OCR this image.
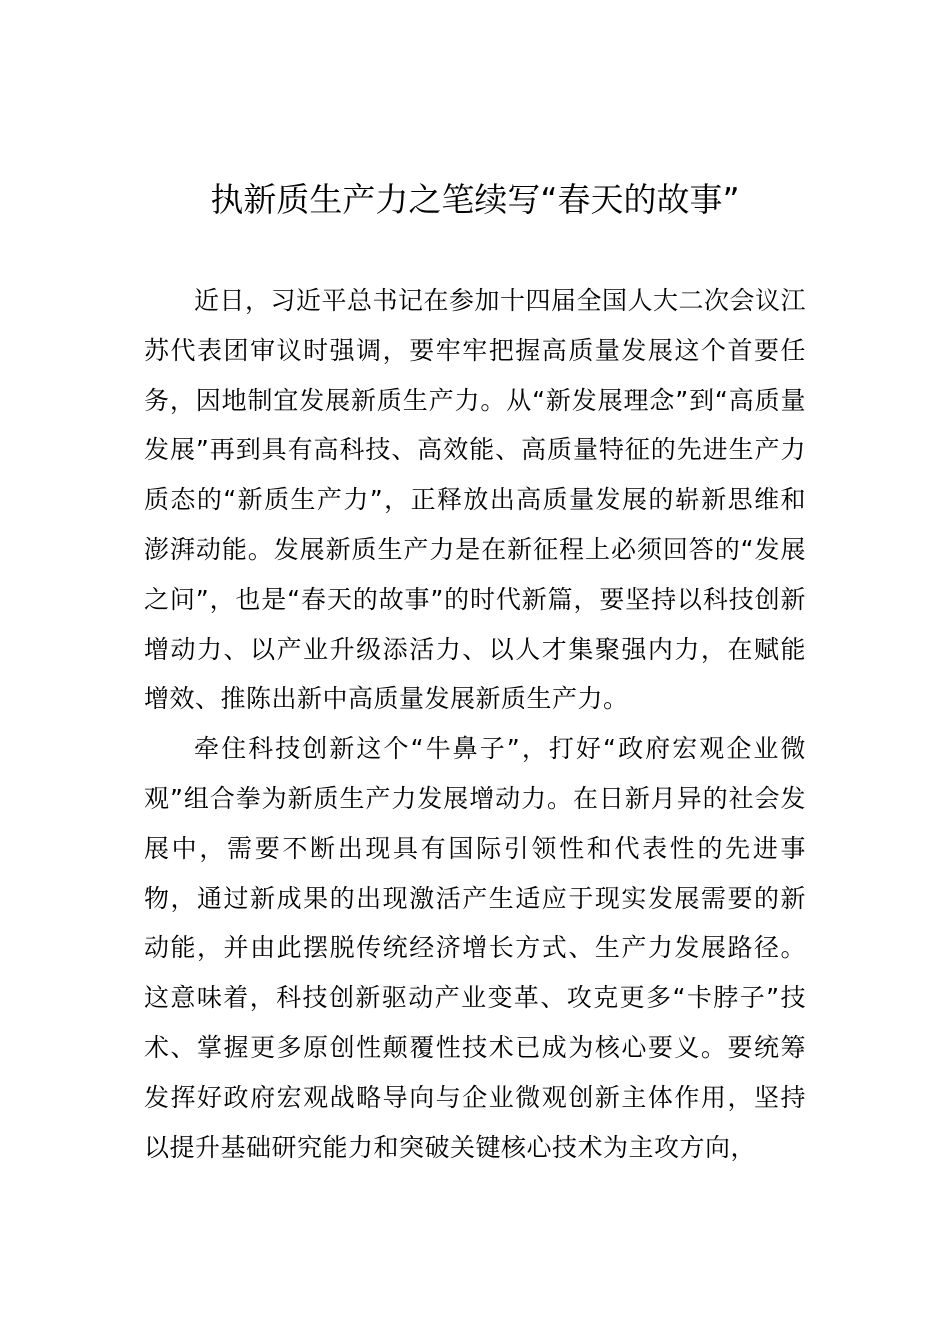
执新质生产力之笔续写“春天的故事”

近日，习近平总书记在参加十四届全国人大二次会议江苏代表团审议时强调，要牢牢把握高质量发展这个首要任务，因地制宜发展新质生产力。从“新发展理念”到“高质量发展”再到具有高科技、高效能、高质量特征的先进生产力质态的“新质生产力”，正释放出高质量发展的崭新思维和澎湃动能。发展新质生产力是在新征程上必须回答的“发展之问”，也是“春天的故事”的时代新篇，要坚持以科技创新增动力、以产业升级添活力、以人才集聚强内力，在赋能增效、推陈出新中高质量发展新质生产力。

牵住科技创新这个“牛鼻子”，打好“政府宏观企业微观”组合拳为新质生产力发展增动力。在日新月异的社会发展中，需要不断出现具有国际引领性和代表性的先进事物，通过新成果的出现激活产生适应于现实发展需要的新动能，并由此摆脱传统经济增长方式、生产力发展路径。这意味着，科技创新驱动产业变革、攻克更多“卡脖子”技术、掌握更多原创性颠覆性技术已成为核心要义。要统筹发挥好政府宏观战略导向与企业微观创新主体作用，坚持以提升基础研究能力和突破关键核心技术为主攻方向，
